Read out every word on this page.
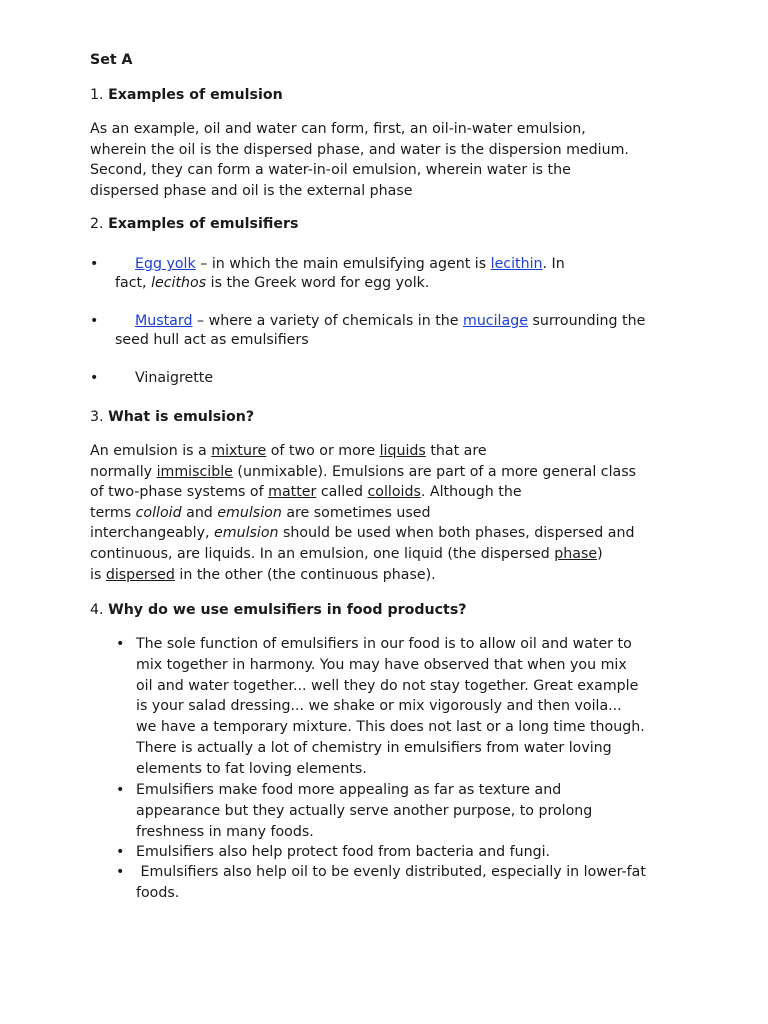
Set A
1. Examples of emulsion
As an example, oil and water can form, first, an oil-in-water emulsion,
wherein the oil is the dispersed phase, and water is the dispersion medium.
Second, they can form a water-in-oil emulsion, wherein water is the
dispersed phase and oil is the external phase
2. Examples of emulsifiers
•	Egg yolk – in which the main emulsifying agent is lecithin. In
fact, lecithos is the Greek word for egg yolk.
•	Mustard – where a variety of chemicals in the mucilage surrounding the
seed hull act as emulsifiers
•	Vinaigrette
3. What is emulsion?
An emulsion is a mixture of two or more liquids that are
normally immiscible (unmixable). Emulsions are part of a more general class
of two-phase systems of matter called colloids. Although the
terms colloid and emulsion are sometimes used
interchangeably, emulsion should be used when both phases, dispersed and
continuous, are liquids. In an emulsion, one liquid (the dispersed phase)
is dispersed in the other (the continuous phase).
4. Why do we use emulsifiers in food products?
• The sole function of emulsifiers in our food is to allow oil and water to
mix together in harmony. You may have observed that when you mix
oil and water together... well they do not stay together. Great example
is your salad dressing... we shake or mix vigorously and then voila...
we have a temporary mixture. This does not last or a long time though.
There is actually a lot of chemistry in emulsifiers from water loving
elements to fat loving elements.
• Emulsifiers make food more appealing as far as texture and
appearance but they actually serve another purpose, to prolong
freshness in many foods.
• Emulsifiers also help protect food from bacteria and fungi.
• Emulsifiers also help oil to be evenly distributed, especially in lower-fat
foods.
